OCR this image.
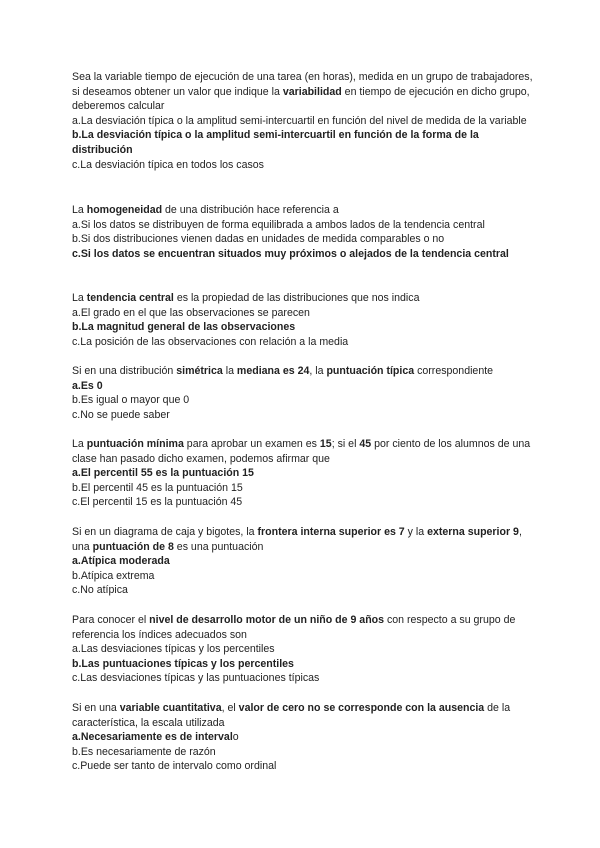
Sea la variable tiempo de ejecución de una tarea (en horas), medida en un grupo de trabajadores, si deseamos obtener un valor que indique la variabilidad en tiempo de ejecución en dicho grupo, deberemos calcular

a.La desviación típica o la amplitud semi-intercuartil en función del nivel de medida de la variable

b.La desviación típica o la amplitud semi-intercuartil en función de la forma de la distribución

c.La desviación típica en todos los casos

La homogeneidad de una distribución hace referencia a

a.Si los datos se distribuyen de forma equilibrada a ambos lados de la tendencia central

b.Si dos distribuciones vienen dadas en unidades de medida comparables o no

c.Si los datos se encuentran situados muy próximos o alejados de la tendencia central

La tendencia central es la propiedad de las distribuciones que nos indica

a.El grado en el que las observaciones se parecen

b.La magnitud general de las observaciones

c.La posición de las observaciones con relación a la media

Si en una distribución simétrica la mediana es 24, la puntuación típica correspondiente

a.Es 0

b.Es igual o mayor que 0

c.No se puede saber

La puntuación mínima para aprobar un examen es 15; si el 45 por ciento de los alumnos de una clase han pasado dicho examen, podemos afirmar que

a.El percentil 55 es la puntuación 15

b.El percentil 45 es la puntuación 15

c.El percentil 15 es la puntuación 45

Si en un diagrama de caja y bigotes, la frontera interna superior es 7 y la externa superior 9, una puntuación de 8 es una puntuación

a.Atípica moderada

b.Atípica extrema

c.No atípica

Para conocer el nivel de desarrollo motor de un niño de 9 años con respecto a su grupo de referencia los índices adecuados son

a.Las desviaciones típicas y los percentiles

b.Las puntuaciones típicas y los percentiles

c.Las desviaciones típicas y las puntuaciones típicas

Si en una variable cuantitativa, el valor de cero no se corresponde con la ausencia de la característica, la escala utilizada

a.Necesariamente es de intervalo

b.Es necesariamente de razón

c.Puede ser tanto de intervalo como ordinal
